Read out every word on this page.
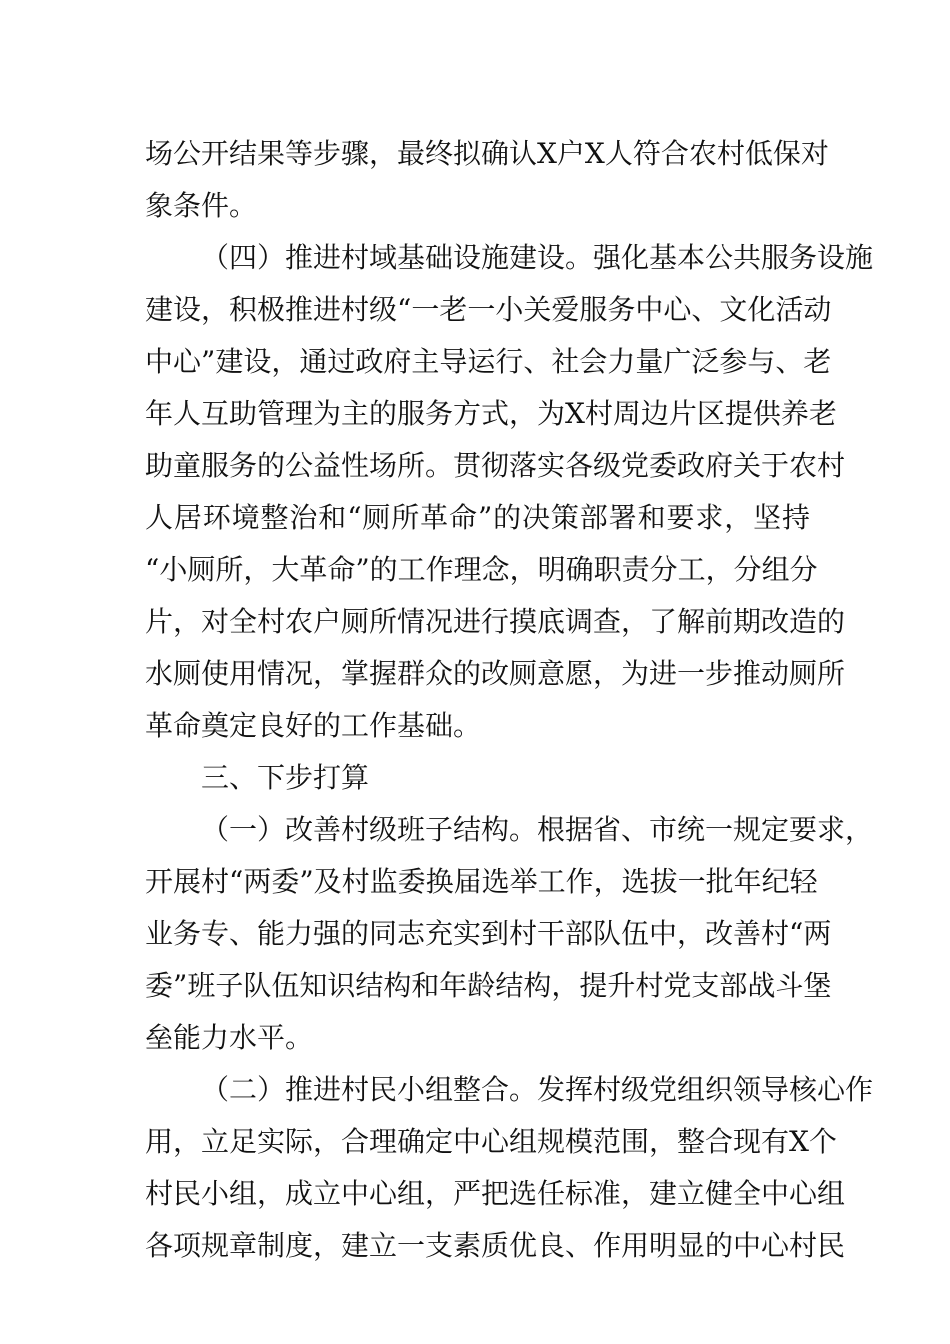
场公开结果等步骤，最终拟确认X户X人符合农村低保对
象条件。
（四）推进村域基础设施建设。强化基本公共服务设施
建设，积极推进村级“一老一小关爱服务中心、文化活动
中心”建设，通过政府主导运行、社会力量广泛参与、老
年人互助管理为主的服务方式，为X村周边片区提供养老
助童服务的公益性场所。贯彻落实各级党委政府关于农村
人居环境整治和“厕所革命”的决策部署和要求，坚持
“小厕所，大革命”的工作理念，明确职责分工，分组分
片，对全村农户厕所情况进行摸底调查，了解前期改造的
水厕使用情况，掌握群众的改厕意愿，为进一步推动厕所
革命奠定良好的工作基础。
三、下步打算
（一）改善村级班子结构。根据省、市统一规定要求，
开展村“两委”及村监委换届选举工作，选拔一批年纪轻
业务专、能力强的同志充实到村干部队伍中，改善村“两
委”班子队伍知识结构和年龄结构，提升村党支部战斗堡
垒能力水平。
（二）推进村民小组整合。发挥村级党组织领导核心作
用，立足实际，合理确定中心组规模范围，整合现有X个
村民小组，成立中心组，严把选任标准，建立健全中心组
各项规章制度，建立一支素质优良、作用明显的中心村民
